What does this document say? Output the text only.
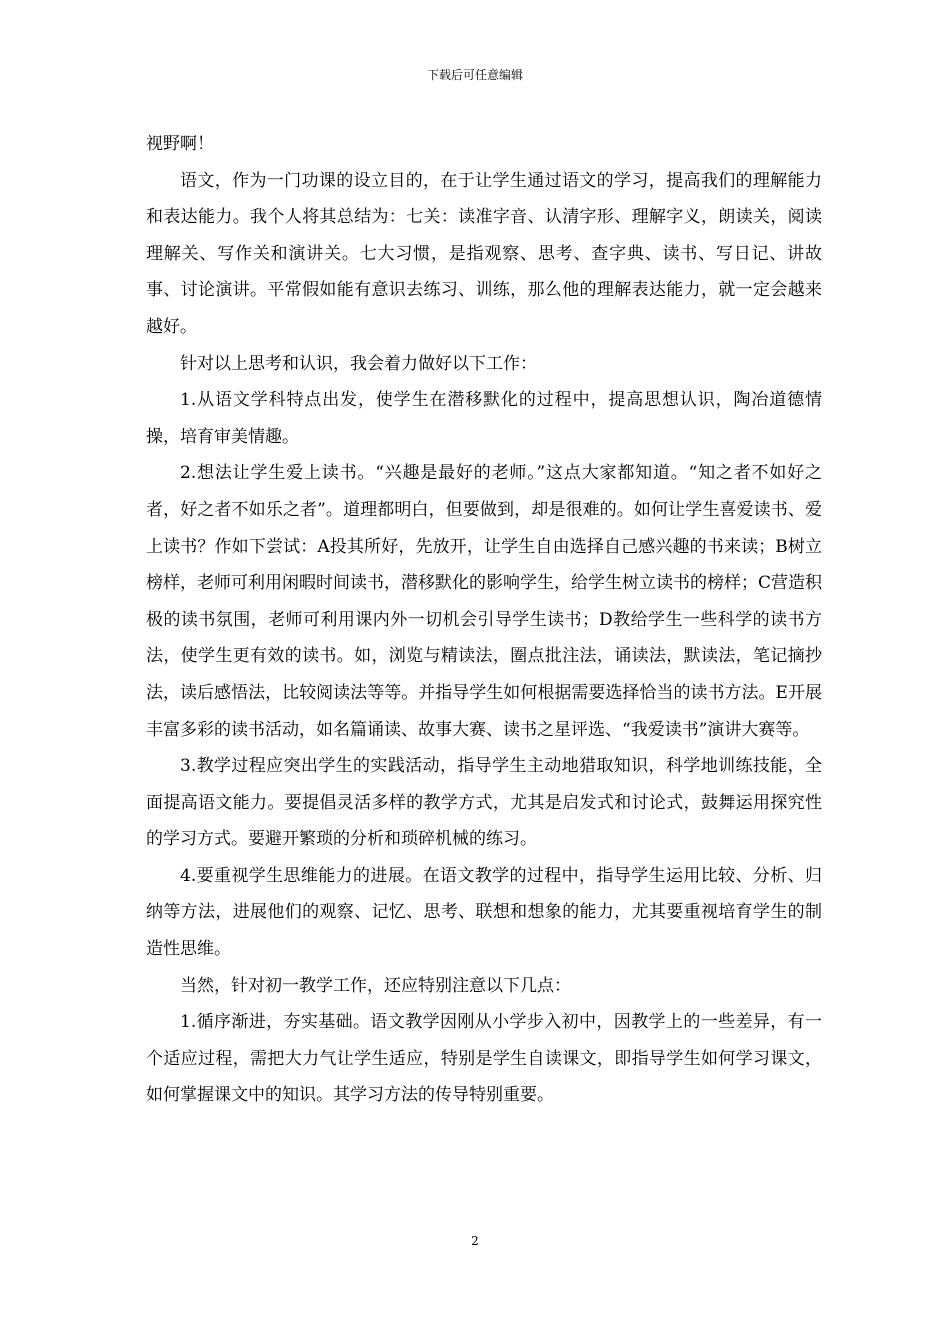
下载后可任意编辑

视野啊！

语文，作为一门功课的设立目的，在于让学生通过语文的学习，提高我们的理解能力和表达能力。我个人将其总结为：七关：读准字音、认清字形、理解字义，朗读关，阅读理解关、写作关和演讲关。七大习惯，是指观察、思考、查字典、读书、写日记、讲故事、讨论演讲。平常假如能有意识去练习、训练，那么他的理解表达能力，就一定会越来越好。

针对以上思考和认识，我会着力做好以下工作：

1.从语文学科特点出发，使学生在潜移默化的过程中，提高思想认识，陶冶道德情操，培育审美情趣。

2.想法让学生爱上读书。“兴趣是最好的老师。”这点大家都知道。“知之者不如好之者，好之者不如乐之者”。道理都明白，但要做到，却是很难的。如何让学生喜爱读书、爱上读书？作如下尝试：A投其所好，先放开，让学生自由选择自己感兴趣的书来读；B树立榜样，老师可利用闲暇时间读书，潜移默化的影响学生，给学生树立读书的榜样；C营造积极的读书氛围，老师可利用课内外一切机会引导学生读书；D教给学生一些科学的读书方法，使学生更有效的读书。如，浏览与精读法，圈点批注法，诵读法，默读法，笔记摘抄法，读后感悟法，比较阅读法等等。并指导学生如何根据需要选择恰当的读书方法。E开展丰富多彩的读书活动，如名篇诵读、故事大赛、读书之星评选、“我爱读书”演讲大赛等。

3.教学过程应突出学生的实践活动，指导学生主动地猎取知识，科学地训练技能，全面提高语文能力。要提倡灵活多样的教学方式，尤其是启发式和讨论式，鼓舞运用探究性的学习方式。要避开繁琐的分析和琐碎机械的练习。

4.要重视学生思维能力的进展。在语文教学的过程中，指导学生运用比较、分析、归纳等方法，进展他们的观察、记忆、思考、联想和想象的能力，尤其要重视培育学生的制造性思维。

当然，针对初一教学工作，还应特别注意以下几点：

1.循序渐进，夯实基础。语文教学因刚从小学步入初中，因教学上的一些差异，有一个适应过程，需把大力气让学生适应，特别是学生自读课文，即指导学生如何学习课文，如何掌握课文中的知识。其学习方法的传导特别重要。

2
